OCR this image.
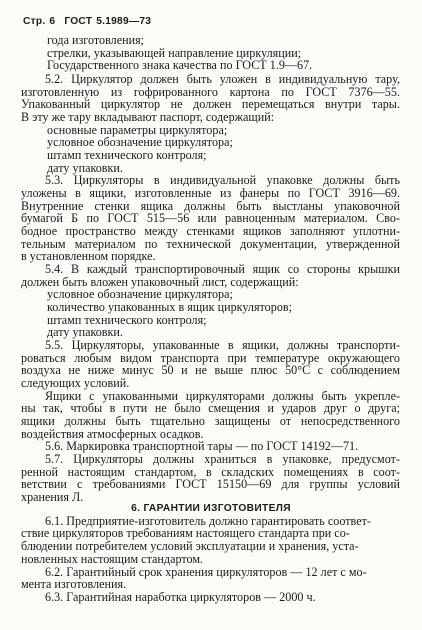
Стр. 6 ГОСТ 5.1989—73
года изготовления;
стрелки, указывающей направление циркуляции;
Государственного знака качества по ГОСТ 1.9—67.
5.2. Циркулятор должен быть уложен в индивидуальную тару,
изготовленную из гофрированного картона по ГОСТ 7376—55.
Упакованный циркулятор не должен перемещаться внутри тары.
В эту же тару вкладывают паспорт, содержащий:
основные параметры циркулятора;
условное обозначение циркулятора;
штамп технического контроля;
дату упаковки.
5.3. Циркуляторы в индивидуальной упаковке должны быть
уложены в ящики, изготовленные из фанеры по ГОСТ 3916—69.
Внутренние стенки ящика должны быть выстланы упаковочной
бумагой Б по ГОСТ 515—56 или равноценным материалом. Сво-
бодное пространство между стенками ящиков заполняют уплотни-
тельным материалом по технической документации, утвержденной
в установленном порядке.
5.4. В каждый транспортировочный ящик со стороны крышки
должен быть вложен упаковочный лист, содержащий:
условное обозначение циркулятора;
количество упакованных в ящик циркуляторов;
штамп технического контроля;
дату упаковки.
5.5. Циркуляторы, упакованные в ящики, должны транспорти-
роваться любым видом транспорта при температуре окружающего
воздуха не ниже минус 50 и не выше плюс 50°С с соблюдением
следующих условий.
Ящики с упакованными циркуляторами должны быть укрепле-
ны так, чтобы в пути не было смещения и ударов друг о друга;
ящики должны быть тщательно защищены от непосредственного
воздействия атмосферных осадков.
5.6. Маркировка транспортной тары — по ГОСТ 14192—71.
5.7. Циркуляторы должны храниться в упаковке, предусмот-
ренной настоящим стандартом, в складских помещениях в соот-
ветствии с требованиями ГОСТ 15150—69 для группы условий
хранения Л.
6.1. Предприятие-изготовитель должно гарантировать соответ-
ствие циркуляторов требованиям настоящего стандарта при со-
блюдении потребителем условий эксплуатации и хранения, уста-
новленных настоящим стандартом.
6.2. Гарантийный срок хранения циркуляторов — 12 лет с мо-
мента изготовления.
6.3. Гарантийная наработка циркуляторов — 2000 ч.
6. ГАРАНТИИ ИЗГОТОВИТЕЛЯ
